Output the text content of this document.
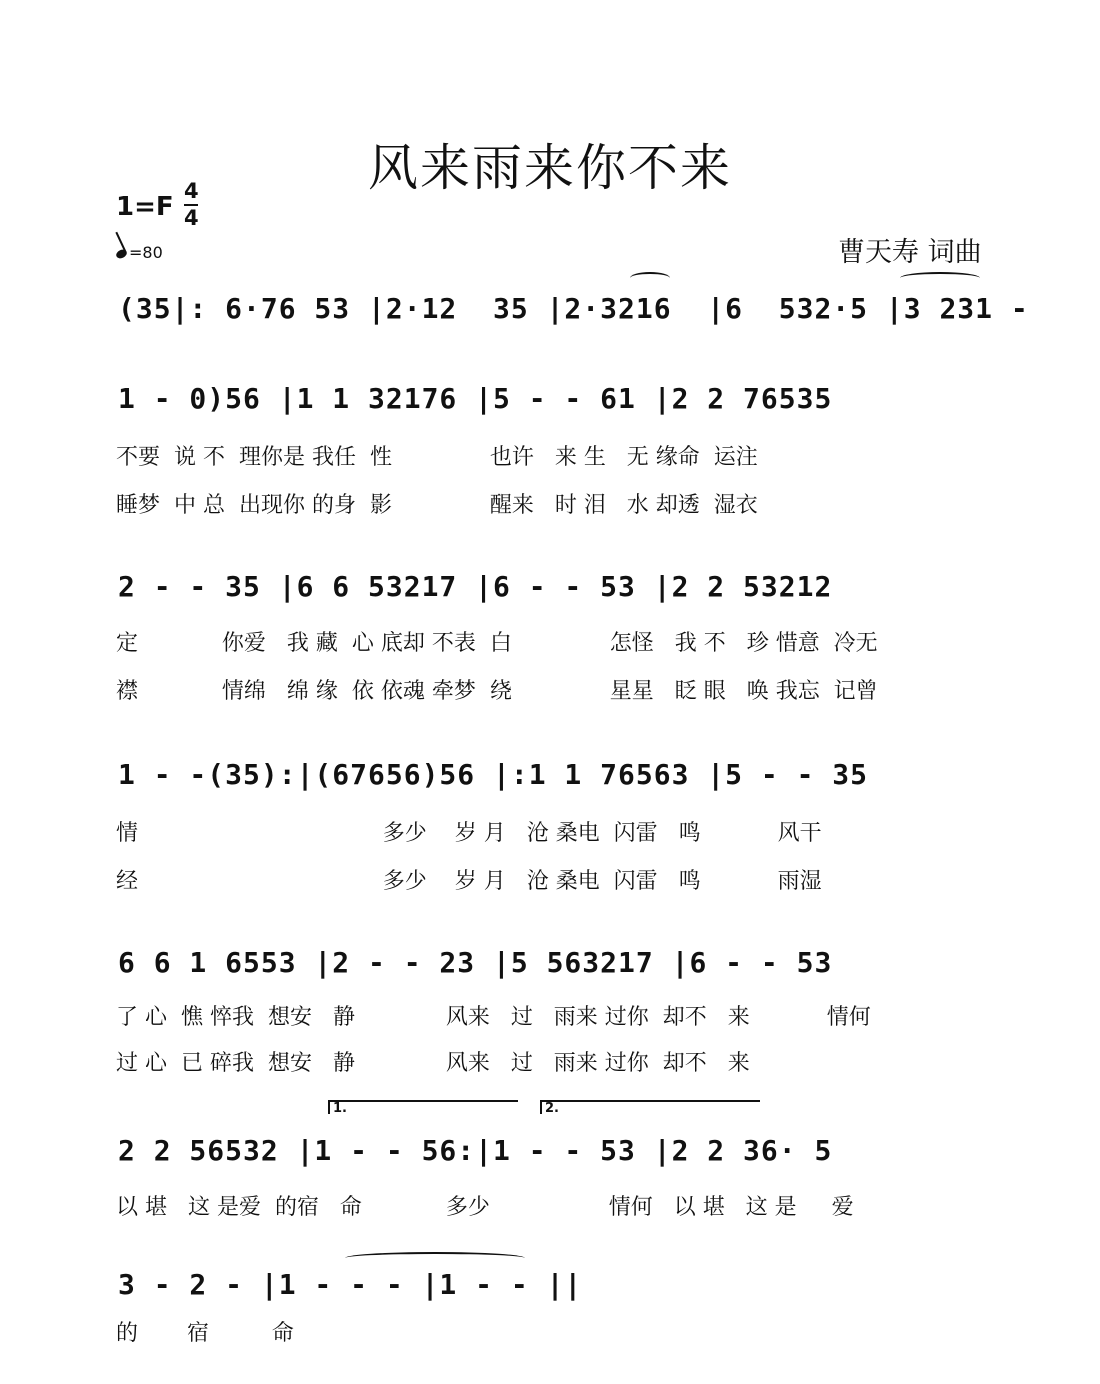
风来雨来你不来
1=F
4
4
=80	曹天寿 词曲
(35|: 6·76 53 |2·12  35 |2·3216  |6  532·5 |3 231 -
1 - 0)56 |1 1 32176 |5 - - 61 |2 2 76535
不要  说 不  理你是 我任  性              也许   来 生   无 缘命  运注
睡梦  中 总  出现你 的身  影              醒来   时 泪   水 却透  湿衣
2 - - 35 |6 6 53217 |6 - - 53 |2 2 53212
定            你爱   我 藏  心 底却 不表  白              怎怪   我 不   珍 惜意  冷无
襟            情绵   绵 缘  依 依魂 牵梦  绕              星星   眨 眼   唤 我忘  记曾
1 - -(35):|(67656)56 |:1 1 76563 |5 - - 35
情                                   多少    岁 月   沧 桑电  闪雷   鸣           风干
经                                   多少    岁 月   沧 桑电  闪雷   鸣           雨湿
6 6 1 6553 |2 - - 23 |5 563217 |6 - - 53
了 心  憔 悴我  想安   静             风来   过   雨来 过你  却不   来           情何
过 心  已 碎我  想安   静             风来   过   雨来 过你  却不   来
1.	2.
2 2 56532 |1 - - 56:|1 - - 53 |2 2 36· 5
以 堪   这 是爱  的宿   命            多少                 情何   以 堪   这 是     爱
3 - 2 - |1 - - - |1 - - ||
的       宿         命
